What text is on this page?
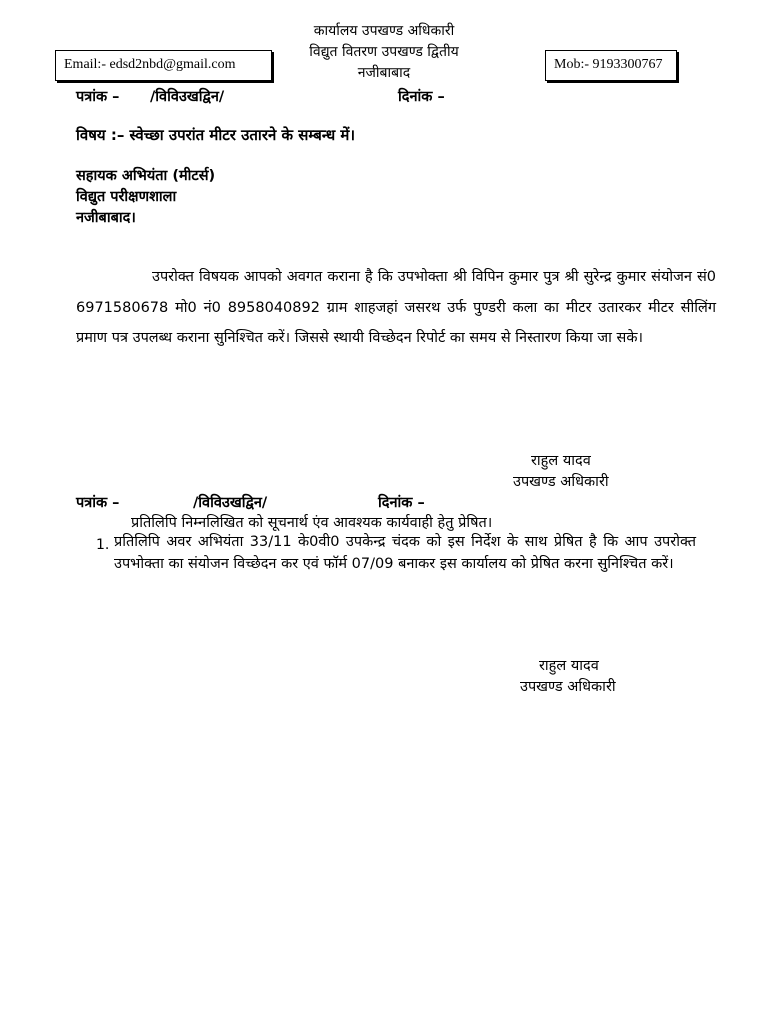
कार्यालय उपखण्ड अधिकारी
विद्युत वितरण उपखण्ड द्वितीय
नजीबाबाद
Email:- edsd2nbd@gmail.com	Mob:- 9193300767
पत्रांक – /विविउखद्विन/	दिनांक –
विषय :– स्वेच्छा उपरांत मीटर उतारने के सम्बन्ध में।
सहायक अभियंता (मीटर्स)
विद्युत परीक्षणशाला
नजीबाबाद।
उपरोक्त विषयक आपको अवगत कराना है कि उपभोक्ता श्री विपिन कुमार पुत्र श्री सुरेन्द्र कुमार संयोजन सं0 6971580678 मो0 नं0 8958040892 ग्राम शाहजहां जसरथ उर्फ पुण्डरी कला का मीटर उतारकर मीटर सीलिंग प्रमाण पत्र उपलब्ध कराना सुनिश्चित करें। जिससे स्थायी विच्छेदन रिपोर्ट का समय से निस्तारण किया जा सके।
राहुल यादव
उपखण्ड अधिकारी
पत्रांक –	/विविउखद्विन/	दिनांक –
प्रतिलिपि निम्नलिखित को सूचनार्थ एंव आवश्यक कार्यवाही हेतु प्रेषित।
1. प्रतिलिपि अवर अभियंता 33/11 के0वी0 उपकेन्द्र चंदक को इस निर्देश के साथ प्रेषित है कि आप उपरोक्त उपभोक्ता का संयोजन विच्छेदन कर एवं फॉर्म 07/09 बनाकर इस कार्यालय को प्रेषित करना सुनिश्चित करें।
राहुल यादव
उपखण्ड अधिकारी
